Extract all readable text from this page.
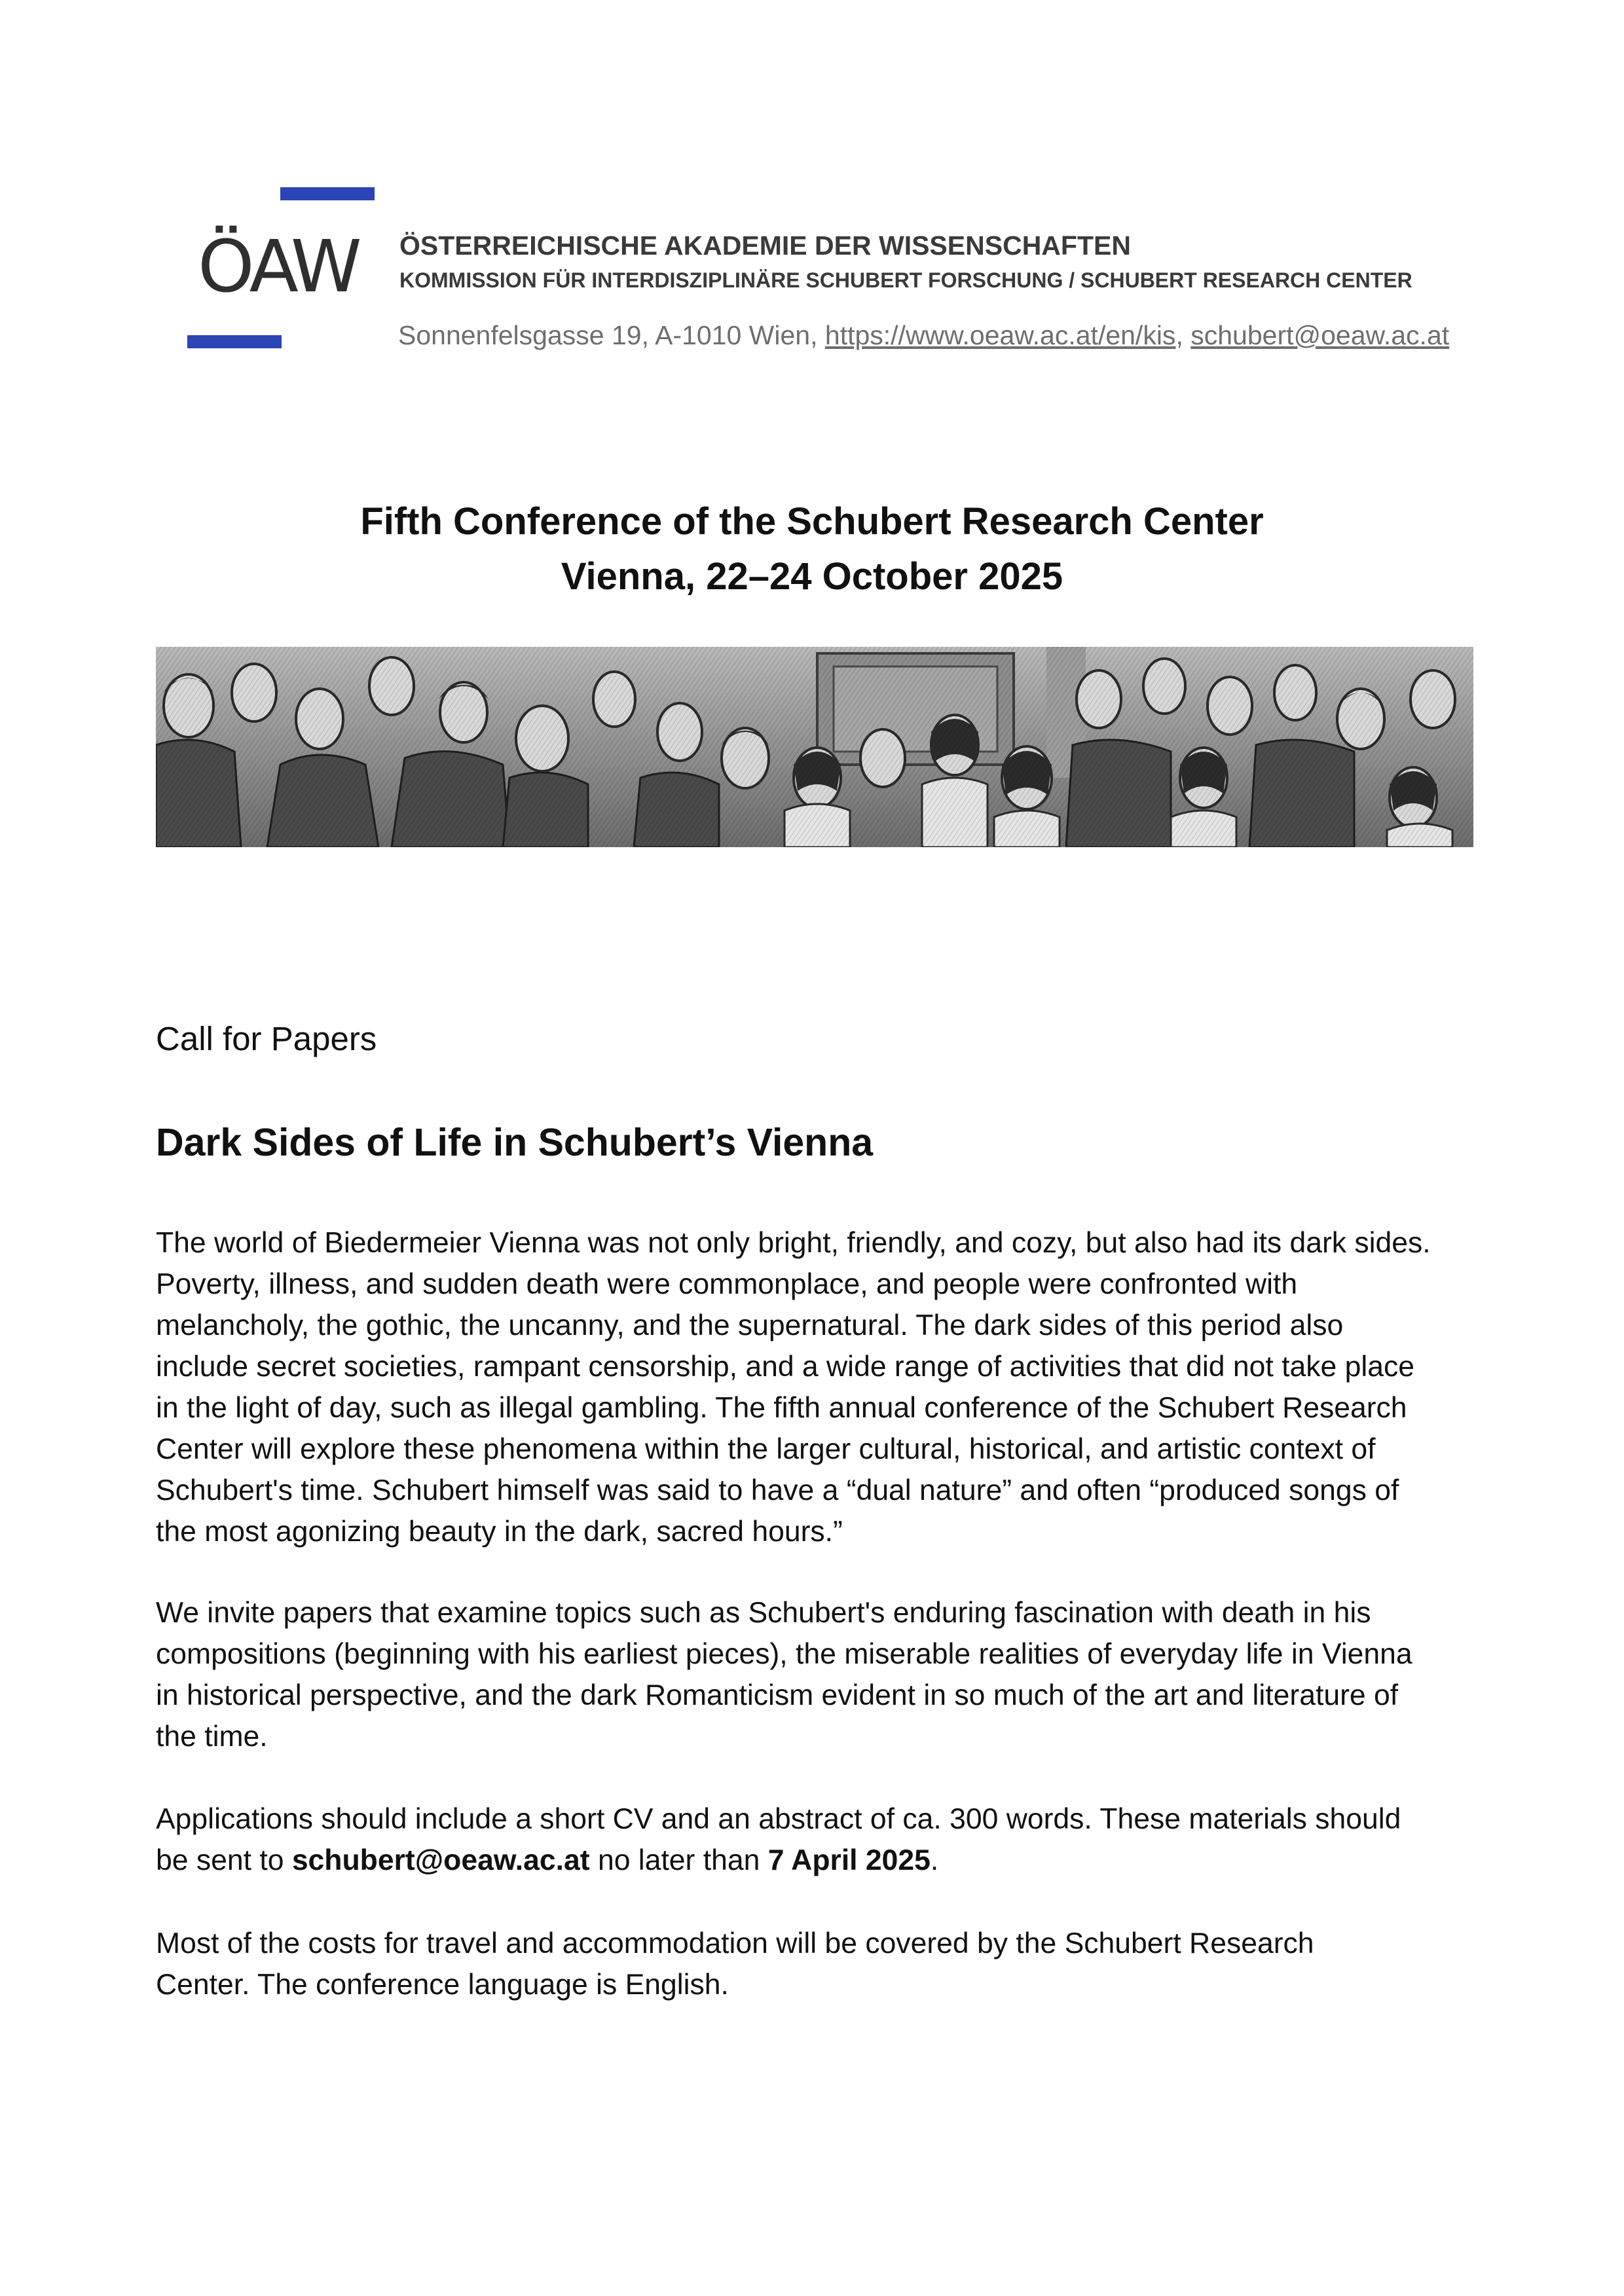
ÖAW ÖSTERREICHISCHE AKADEMIE DER WISSENSCHAFTEN

KOMMISSION FÜR INTERDISZIPLINÄRE SCHUBERT FORSCHUNG / SCHUBERT RESEARCH CENTER

Sonnenfelsgasse 19, A-1010 Wien, https://www.oeaw.ac.at/en/kis, schubert@oeaw.ac.at
Fifth Conference of the Schubert Research Center
Vienna, 22–24 October 2025
Call for Papers
Dark Sides of Life in Schubert’s Vienna

The world of Biedermeier Vienna was not only bright, friendly, and cozy, but also had its dark sides.
Poverty, illness, and sudden death were commonplace, and people were confronted with
melancholy, the gothic, the uncanny, and the supernatural. The dark sides of this period also
include secret societies, rampant censorship, and a wide range of activities that did not take place
in the light of day, such as illegal gambling. The fifth annual conference of the Schubert Research
Center will explore these phenomena within the larger cultural, historical, and artistic context of
Schubert's time. Schubert himself was said to have a “dual nature” and often “produced songs of
the most agonizing beauty in the dark, sacred hours.”

We invite papers that examine topics such as Schubert's enduring fascination with death in his
compositions (beginning with his earliest pieces), the miserable realities of everyday life in Vienna
in historical perspective, and the dark Romanticism evident in so much of the art and literature of
the time.

Applications should include a short CV and an abstract of ca. 300 words. These materials should
be sent to schubert@oeaw.ac.at no later than 7 April 2025.

Most of the costs for travel and accommodation will be covered by the Schubert Research
Center. The conference language is English.
